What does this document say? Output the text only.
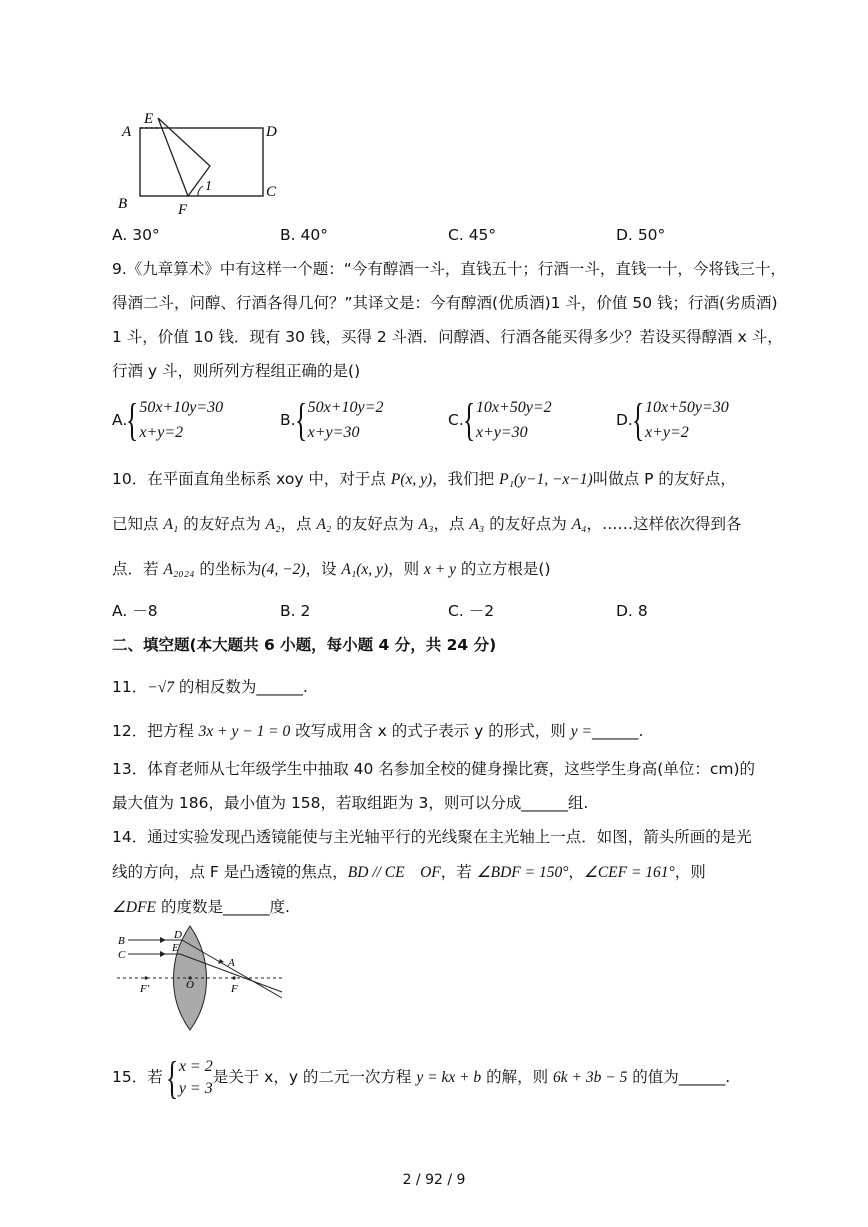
A
E
D
B	F
C
1
A. 30°	B. 40°	C. 45°	D. 50°
9.《九章算术》中有这样一个题：“今有醇酒一斗，直钱五十；行酒一斗，直钱一十，今将钱三十，
得酒二斗，问醇、行酒各得几何？”其译文是：今有醇酒(优质酒)1 斗，价值 50 钱；行酒(劣质酒)
1 斗，价值 10 钱．现有 30 钱，买得 2 斗酒．问醇酒、行酒各能买得多少？若设买得醇酒 x 斗，
行酒 y 斗，则所列方程组正确的是()
A.
{ 50x+10y=30
x+y=2
B.
{ 50x+10y=2
x+y=30
C.
{ 10x+50y=2
x+y=30
D.
{ 10x+50y=30
x+y=2
10．在平面直角坐标系 xoy 中，对于点 P(x, y)，我们把 P₁(y−1, −x−1)叫做点 P 的友好点，
已知点 A₁ 的友好点为 A₂，点 A₂ 的友好点为 A₃，点 A₃ 的友好点为 A₄，……这样依次得到各
点．若 A₂₀₂₄ 的坐标为(4, −2)，设 A₁(x, y)，则 x + y 的立方根是()
A. －8	B. 2	C. －2	D. 8
二、填空题(本大题共 6 小题，每小题 4 分，共 24 分)
11．−√7 的相反数为______.
12．把方程 3x + y − 1 = 0 改写成用含 x 的式子表示 y 的形式，则 y =______.
13．体育老师从七年级学生中抽取 40 名参加全校的健身操比赛，这些学生身高(单位：cm)的
最大值为 186，最小值为 158，若取组距为 3，则可以分成______组.
14．通过实验发现凸透镜能使与主光轴平行的光线聚在主光轴上一点．如图，箭头所画的是光
线的方向，点 F 是凸透镜的焦点，BD // CE    OF，若 ∠BDF = 150°，∠CEF = 161°，则
∠DFE 的度数是______度.
B
C
D
E
A
F'	O	F
15．若 { x = 2
y = 3
是关于 x，y 的二元一次方程 y = kx + b 的解，则 6k + 3b − 5 的值为______.
2 / 92 / 9
